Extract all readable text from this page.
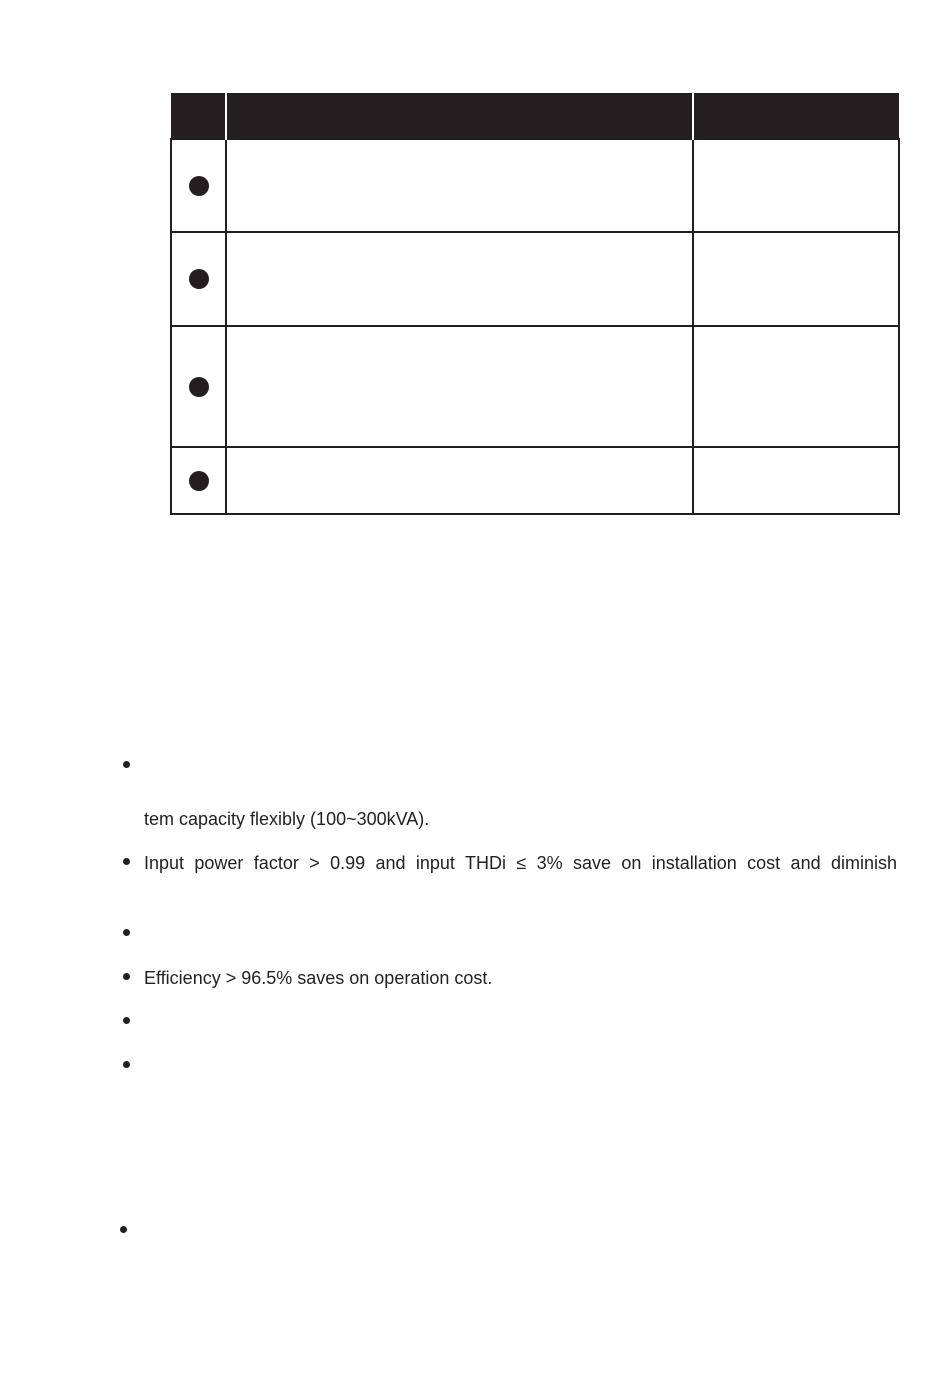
tem capacity flexibly (100~300kVA).
Input power factor > 0.99 and input THDi ≤ 3% save on installation cost and diminish
Efficiency > 96.5% saves on operation cost.
